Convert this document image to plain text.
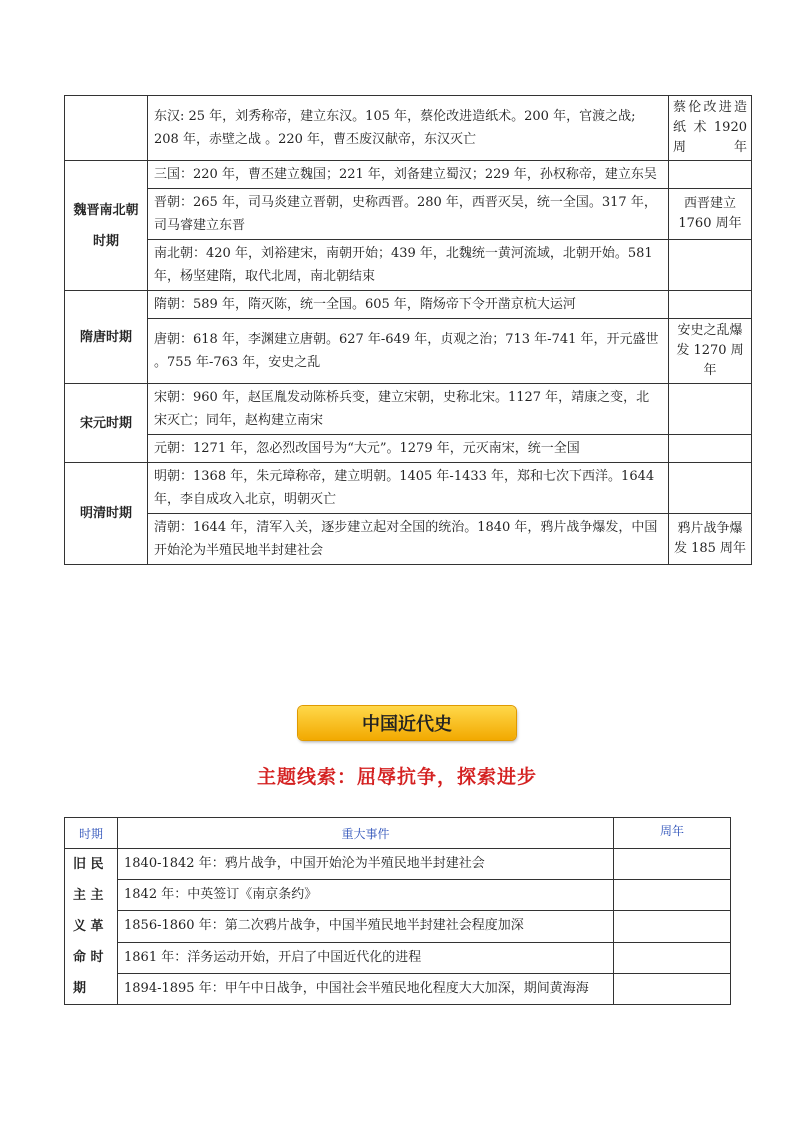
	东汉: 25 年，刘秀称帝，建立东汉。105 年，蔡伦改进造纸术。200 年，官渡之战; 208 年，赤壁之战 。220 年，曹丕废汉献帝，东汉灭亡	蔡伦改进造 纸 术 1920 周年

魏晋南北朝时期	三国：220 年，曹丕建立魏国；221 年，刘备建立蜀汉；229 年，孙权称帝，建立东吴	
	晋朝：265 年，司马炎建立晋朝，史称西晋。280 年，西晋灭吴，统一全国。317 年，司马睿建立东晋	西晋建立 1760 周年
	南北朝：420 年，刘裕建宋，南朝开始；439 年，北魏统一黄河流域，北朝开始。581 年，杨坚建隋，取代北周，南北朝结束	
隋唐时期	隋朝：589 年，隋灭陈，统一全国。605 年，隋炀帝下令开凿京杭大运河	
	唐朝：618 年，李渊建立唐朝。627 年-649 年，贞观之治；713 年-741 年，开元盛世 。755 年-763 年，安史之乱	安史之乱爆发 1270 周年
宋元时期	宋朝：960 年，赵匡胤发动陈桥兵变，建立宋朝，史称北宋。1127 年，靖康之变，北宋灭亡；同年，赵构建立南宋	
	元朝：1271 年，忽必烈改国号为“大元”。1279 年，元灭南宋，统一全国	
明清时期	明朝：1368 年，朱元璋称帝，建立明朝。1405 年-1433 年，郑和七次下西洋。1644 年，李自成攻入北京，明朝灭亡	
	清朝：1644 年，清军入关，逐步建立起对全国的统治。1840 年，鸦片战争爆发，中国开始沦为半殖民地半封建社会	鸦片战争爆发 185 周年
中国近代史
主题线索：屈辱抗争，探索进步
时期	重大事件	周年

旧 民
主 主
义 革
命 时
期	1840-1842 年：鸦片战争，中国开始沦为半殖民地半封建社会	
	1842 年：中英签订《南京条约》	
	1856-1860 年：第二次鸦片战争，中国半殖民地半封建社会程度加深	
	1861 年：洋务运动开始，开启了中国近代化的进程	
	1894-1895 年：甲午中日战争，中国社会半殖民地化程度大大加深，期间黄海海	
